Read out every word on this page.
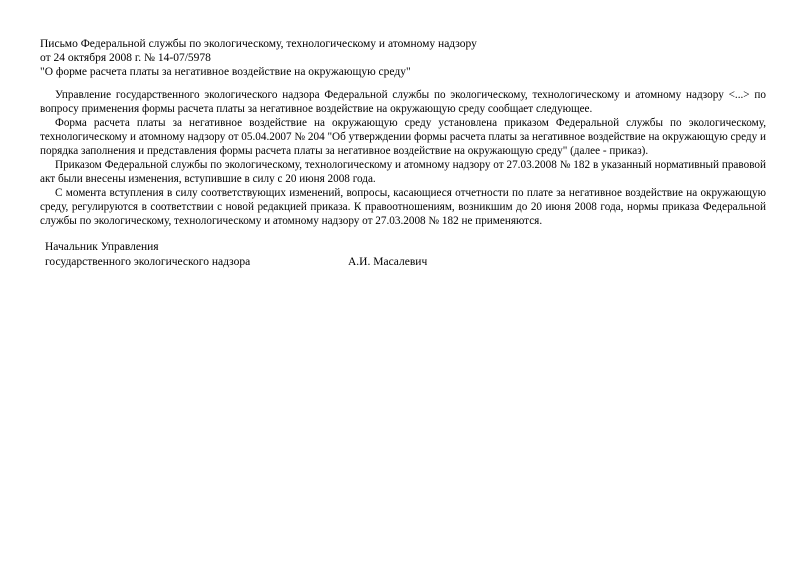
Письмо Федеральной службы по экологическому, технологическому и атомному надзору
от 24 октября 2008 г. № 14-07/5978
"О форме расчета платы за негативное воздействие на окружающую среду"

Управление государственного экологического надзора Федеральной службы по экологическому, технологическому и атомному надзору <...> по вопросу применения формы расчета платы за негативное воздействие на окружающую среду сообщает следующее.

Форма расчета платы за негативное воздействие на окружающую среду установлена приказом Федеральной службы по экологическому, технологическому и атомному надзору от 05.04.2007 № 204 "Об утверждении формы расчета платы за негативное воздействие на окружающую среду и порядка заполнения и представления формы расчета платы за негативное воздействие на окружающую среду" (далее - приказ).

Приказом Федеральной службы по экологическому, технологическому и атомному надзору от 27.03.2008 № 182 в указанный нормативный правовой акт были внесены изменения, вступившие в силу с 20 июня 2008 года.

С момента вступления в силу соответствующих изменений, вопросы, касающиеся отчетности по плате за негативное воздействие на окружающую среду, регулируются в соответствии с новой редакцией приказа. К правоотношениям, возникшим до 20 июня 2008 года, нормы приказа Федеральной службы по экологическому, технологическому и атомному надзору от 27.03.2008 № 182 не применяются.

Начальник Управления
государственного экологического надзора	А.И. Масалевич
